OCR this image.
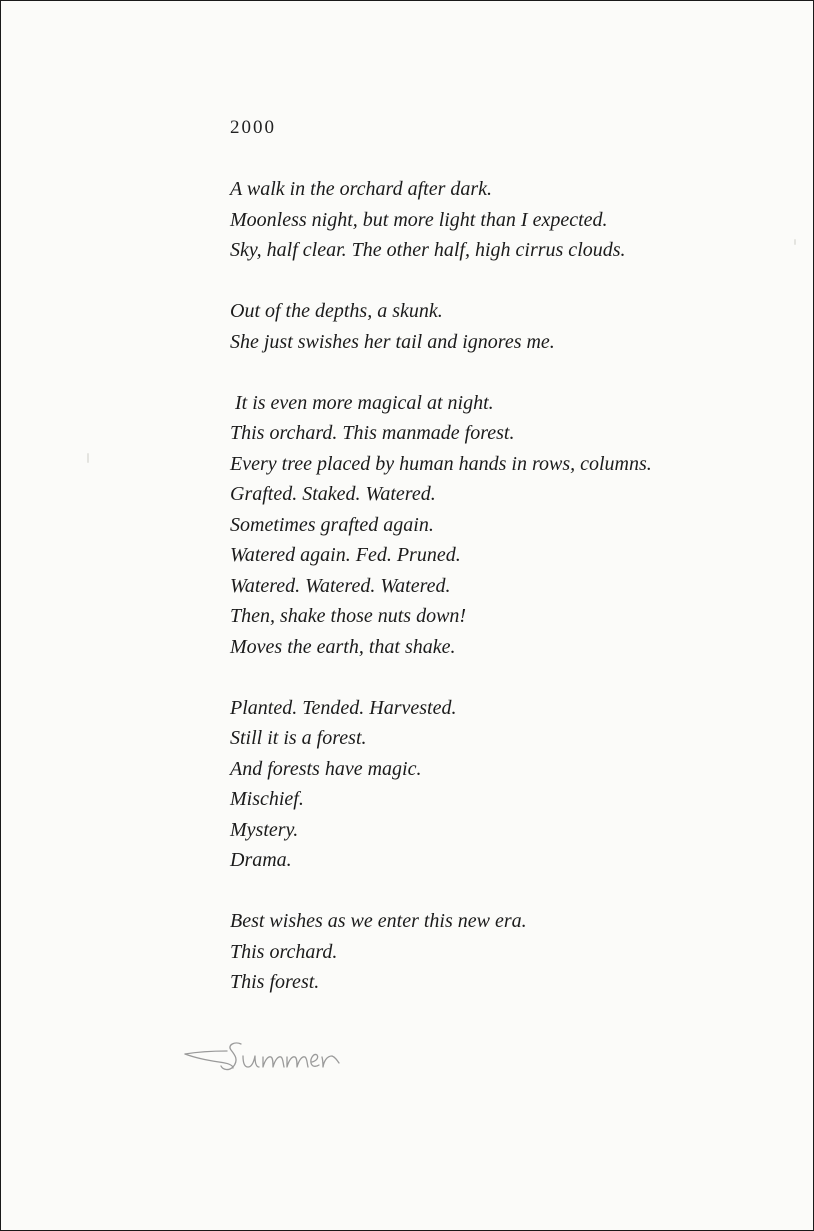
2000
A walk in the orchard after dark.
Moonless night, but more light than I expected.
Sky, half clear. The other half, high cirrus clouds.
Out of the depths, a skunk.
She just swishes her tail and ignores me.
It is even more magical at night.
This orchard. This manmade forest.
Every tree placed by human hands in rows, columns.
Grafted. Staked. Watered.
Sometimes grafted again.
Watered again. Fed. Pruned.
Watered. Watered. Watered.
Then, shake those nuts down!
Moves the earth, that shake.
Planted. Tended. Harvested.
Still it is a forest.
And forests have magic.
Mischief.
Mystery.
Drama.
Best wishes as we enter this new era.
This orchard.
This forest.
